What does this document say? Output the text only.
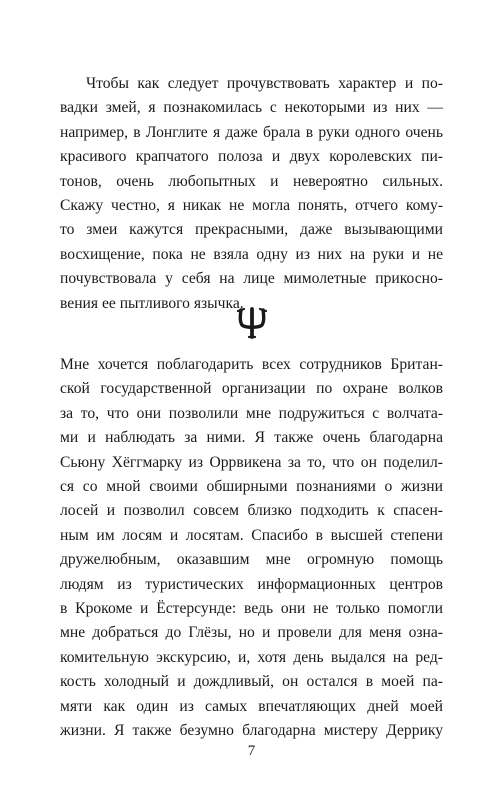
Чтобы как следует прочувствовать характер и по-
вадки змей, я познакомилась с некоторыми из них —
например, в Лонглите я даже брала в руки одного очень
красивого крапчатого полоза и двух королевских пи-
тонов, очень любопытных и невероятно сильных.
Скажу честно, я никак не могла понять, отчего кому-
то змеи кажутся прекрасными, даже вызывающими
восхищение, пока не взяла одну из них на руки и не
почувствовала у себя на лице мимолетные прикосно-
вения ее пытливого язычка.
Мне хочется поблагодарить всех сотрудников Британ-
ской государственной организации по охране волков
за то, что они позволили мне подружиться с волчата-
ми и наблюдать за ними. Я также очень благодарна
Сьюну Хёггмарку из Оррвикена за то, что он поделил-
ся со мной своими обширными познаниями о жизни
лосей и позволил совсем близко подходить к спасен-
ным им лосям и лосятам. Спасибо в высшей степени
дружелюбным, оказавшим мне огромную помощь
людям из туристических информационных центров
в Крокоме и Ёстерсунде: ведь они не только помогли
мне добраться до Глёзы, но и провели для меня озна-
комительную экскурсию, и, хотя день выдался на ред-
кость холодный и дождливый, он остался в моей па-
мяти как один из самых впечатляющих дней моей
жизни. Я также безумно благодарна мистеру Деррику
7
